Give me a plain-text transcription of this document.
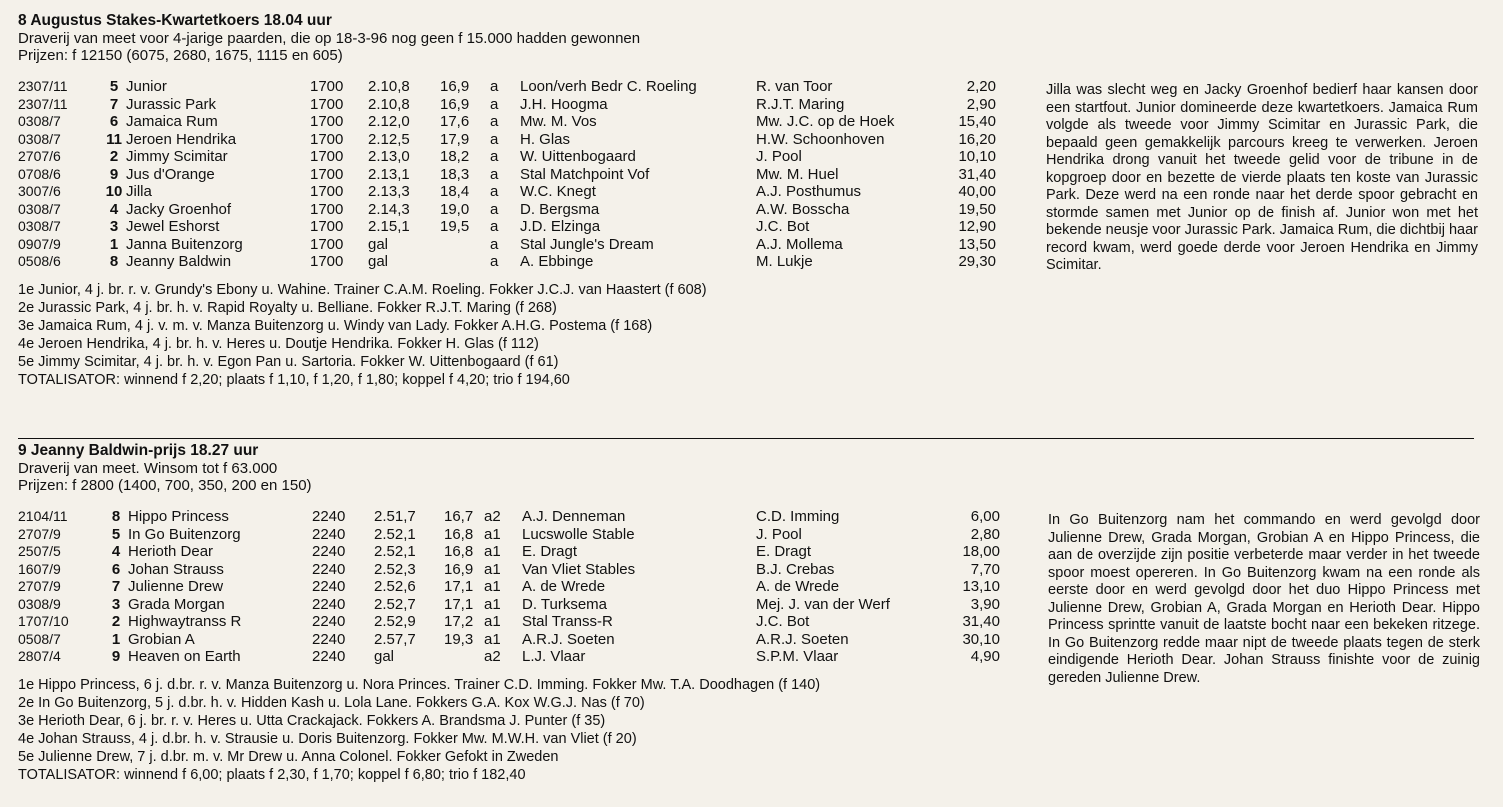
8 Augustus Stakes-Kwartetkoers 18.04 uur

Draverij van meet voor 4-jarige paarden, die op 18-3-96 nog geen f 15.000 hadden gewonnen

Prijzen: f 12150 (6075, 2680, 1675, 1115 en 605)

2307/11	5 Junior	1700 2.10,8 16,9 a Loon/verh Bedr C. Roeling	R. van Toor	2,20
2307/11	7 Jurassic Park	1700 2.10,8 16,9 a J.H. Hoogma	R.J.T. Maring	2,90
0308/7	6 Jamaica Rum	1700 2.12,0 17,6 a Mw. M. Vos	Mw. J.C. op de Hoek	15,40
0308/7	11 Jeroen Hendrika	1700 2.12,5 17,9 a H. Glas	H.W. Schoonhoven	16,20
2707/6	2 Jimmy Scimitar	1700 2.13,0 18,2 a W. Uittenbogaard	J. Pool	10,10
0708/6	9 Jus d'Orange	1700 2.13,1 18,3 a Stal Matchpoint Vof	Mw. M. Huel	31,40
3007/6	10 Jilla	1700 2.13,3 18,4 a W.C. Knegt	A.J. Posthumus	40,00
0308/7	4 Jacky Groenhof	1700 2.14,3 19,0 a D. Bergsma	A.W. Bosscha	19,50
0308/7	3 Jewel Eshorst	1700 2.15,1 19,5 a J.D. Elzinga	J.C. Bot	12,90
0907/9	1 Janna Buitenzorg	1700 gal	a Stal Jungle's Dream	A.J. Mollema	13,50
0508/6	8 Jeanny Baldwin	1700 gal	a A. Ebbinge	M. Lukje	29,30

1e Junior, 4 j. br. r. v. Grundy's Ebony u. Wahine. Trainer C.A.M. Roeling. Fokker J.C.J. van Haastert (f 608)

2e Jurassic Park, 4 j. br. h. v. Rapid Royalty u. Belliane. Fokker R.J.T. Maring (f 268)

3e Jamaica Rum, 4 j. v. m. v. Manza Buitenzorg u. Windy van Lady. Fokker A.H.G. Postema (f 168)

4e Jeroen Hendrika, 4 j. br. h. v. Heres u. Doutje Hendrika. Fokker H. Glas (f 112)

5e Jimmy Scimitar, 4 j. br. h. v. Egon Pan u. Sartoria. Fokker W. Uittenbogaard (f 61)

TOTALISATOR: winnend f 2,20; plaats f 1,10, f 1,20, f 1,80; koppel f 4,20; trio f 194,60

Jilla was slecht weg en Jacky Groenhof bedierf haar kansen door een startfout. Junior domineerde deze kwartetkoers. Jamaica Rum volgde als tweede voor Jimmy Scimitar en Jurassic Park, die bepaald geen gemakkelijk parcours kreeg te verwerken. Jeroen Hendrika drong vanuit het tweede gelid voor de tribune in de kopgroep door en bezette de vierde plaats ten koste van Jurassic Park. Deze werd na een ronde naar het derde spoor gebracht en stormde samen met Junior op de finish af. Junior won met het bekende neusje voor Jurassic Park. Jamaica Rum, die dichtbij haar record kwam, werd goede derde voor Jeroen Hendrika en Jimmy Scimitar.
9 Jeanny Baldwin-prijs 18.27 uur

Draverij van meet. Winsom tot f 63.000

Prijzen: f 2800 (1400, 700, 350, 200 en 150)

2104/11	8 Hippo Princess	2240 2.51,7 16,7 a2 A.J. Denneman	C.D. Imming	6,00
2707/9	5 In Go Buitenzorg	2240 2.52,1 16,8 a1 Lucswolle Stable	J. Pool	2,80
2507/5	4 Herioth Dear	2240 2.52,1 16,8 a1 E. Dragt	E. Dragt	18,00
1607/9	6 Johan Strauss	2240 2.52,3 16,9 a1 Van Vliet Stables	B.J. Crebas	7,70
2707/9	7 Julienne Drew	2240 2.52,6 17,1 a1 A. de Wrede	A. de Wrede	13,10
0308/9	3 Grada Morgan	2240 2.52,7 17,1 a1 D. Turksema	Mej. J. van der Werf	3,90
1707/10	2 Highwaytranss R	2240 2.52,9 17,2 a1 Stal Transs-R	J.C. Bot	31,40
0508/7	1 Grobian A	2240 2.57,7 19,3 a1 A.R.J. Soeten	A.R.J. Soeten	30,10
2807/4	9 Heaven on Earth	2240 gal	a2 L.J. Vlaar	S.P.M. Vlaar	4,90

1e Hippo Princess, 6 j. d.br. r. v. Manza Buitenzorg u. Nora Princes. Trainer C.D. Imming. Fokker Mw. T.A. Doodhagen (f 140)

2e In Go Buitenzorg, 5 j. d.br. h. v. Hidden Kash u. Lola Lane. Fokkers G.A. Kox W.G.J. Nas (f 70)

3e Herioth Dear, 6 j. br. r. v. Heres u. Utta Crackajack. Fokkers A. Brandsma J. Punter (f 35)

4e Johan Strauss, 4 j. d.br. h. v. Strausie u. Doris Buitenzorg. Fokker Mw. M.W.H. van Vliet (f 20)

5e Julienne Drew, 7 j. d.br. m. v. Mr Drew u. Anna Colonel. Fokker Gefokt in Zweden

TOTALISATOR: winnend f 6,00; plaats f 2,30, f 1,70; koppel f 6,80; trio f 182,40

In Go Buitenzorg nam het commando en werd gevolgd door Julienne Drew, Grada Morgan, Grobian A en Hippo Princess, die aan de overzijde zijn positie verbeterde maar verder in het tweede spoor moest opereren. In Go Buitenzorg kwam na een ronde als eerste door en werd gevolgd door het duo Hippo Princess met Julienne Drew, Grobian A, Grada Morgan en Herioth Dear. Hippo Princess sprintte vanuit de laatste bocht naar een bekeken ritzege. In Go Buitenzorg redde maar nipt de tweede plaats tegen de sterk eindigende Herioth Dear. Johan Strauss finishte voor de zuinig gereden Julienne Drew.
